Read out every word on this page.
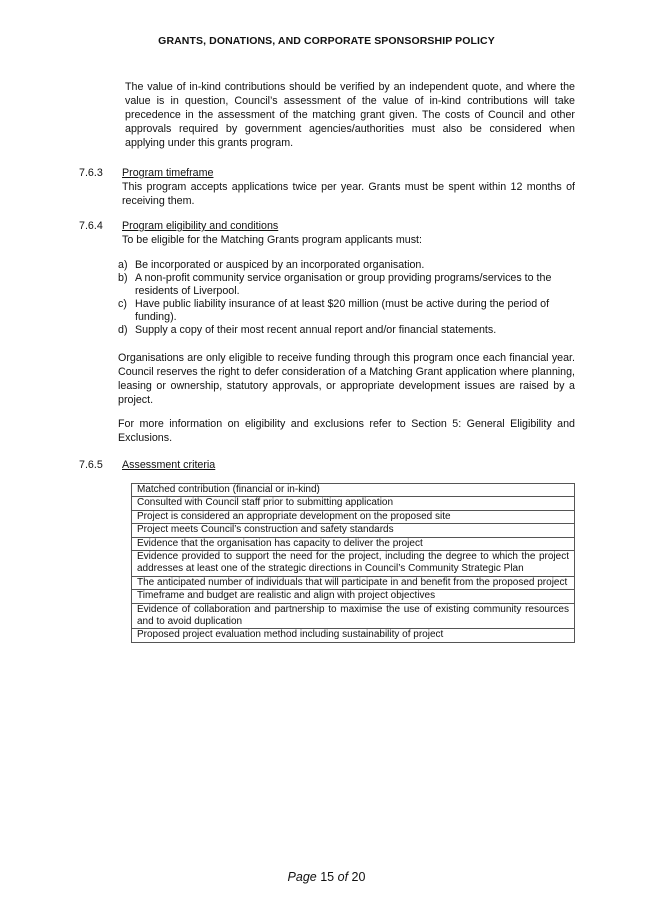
GRANTS, DONATIONS, AND CORPORATE SPONSORSHIP POLICY
The value of in-kind contributions should be verified by an independent quote, and where the value is in question, Council’s assessment of the value of in-kind contributions will take precedence in the assessment of the matching grant given. The costs of Council and other approvals required by government agencies/authorities must also be considered when applying under this grants program.
7.6.3 Program timeframe
This program accepts applications twice per year. Grants must be spent within 12 months of receiving them.
7.6.4 Program eligibility and conditions
To be eligible for the Matching Grants program applicants must:
a) Be incorporated or auspiced by an incorporated organisation.
b) A non-profit community service organisation or group providing programs/services to the residents of Liverpool.
c) Have public liability insurance of at least $20 million (must be active during the period of funding).
d) Supply a copy of their most recent annual report and/or financial statements.
Organisations are only eligible to receive funding through this program once each financial year. Council reserves the right to defer consideration of a Matching Grant application where planning, leasing or ownership, statutory approvals, or appropriate development issues are raised by a project.
For more information on eligibility and exclusions refer to Section 5: General Eligibility and Exclusions.
7.6.5 Assessment criteria
Matched contribution (financial or in-kind)
Consulted with Council staff prior to submitting application
Project is considered an appropriate development on the proposed site
Project meets Council’s construction and safety standards
Evidence that the organisation has capacity to deliver the project
Evidence provided to support the need for the project, including the degree to which the project addresses at least one of the strategic directions in Council’s Community Strategic Plan
The anticipated number of individuals that will participate in and benefit from the proposed project
Timeframe and budget are realistic and align with project objectives
Evidence of collaboration and partnership to maximise the use of existing community resources and to avoid duplication
Proposed project evaluation method including sustainability of project
Page 15 of 20
